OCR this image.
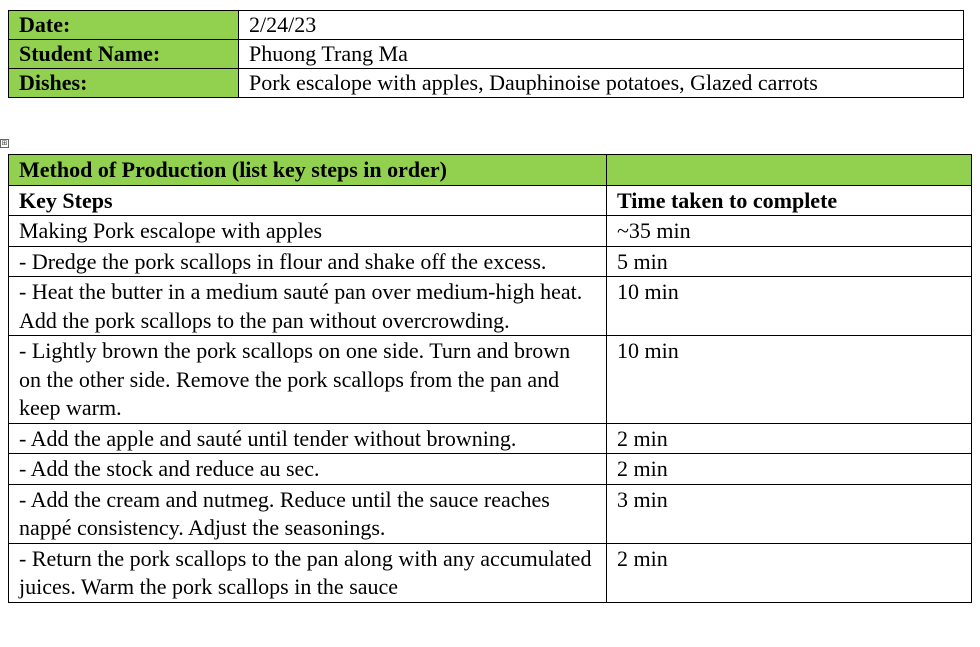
Date:	2/24/23
Student Name:	Phuong Trang Ma
Dishes:	Pork escalope with apples, Dauphinoise potatoes, Glazed carrots
⊞
Method of Production (list key steps in order)	
Key Steps	Time taken to complete
Making Pork escalope with apples	~35 min
- Dredge the pork scallops in flour and shake off the excess.	5 min
- Heat the butter in a medium sauté pan over medium-high heat. Add the pork scallops to the pan without overcrowding.	10 min
- Lightly brown the pork scallops on one side. Turn and brown on the other side. Remove the pork scallops from the pan and keep warm.	10 min
- Add the apple and sauté until tender without browning.	2 min
- Add the stock and reduce au sec.	2 min
- Add the cream and nutmeg. Reduce until the sauce reaches nappé consistency. Adjust the seasonings.	3 min
- Return the pork scallops to the pan along with any accumulated juices. Warm the pork scallops in the sauce	2 min
